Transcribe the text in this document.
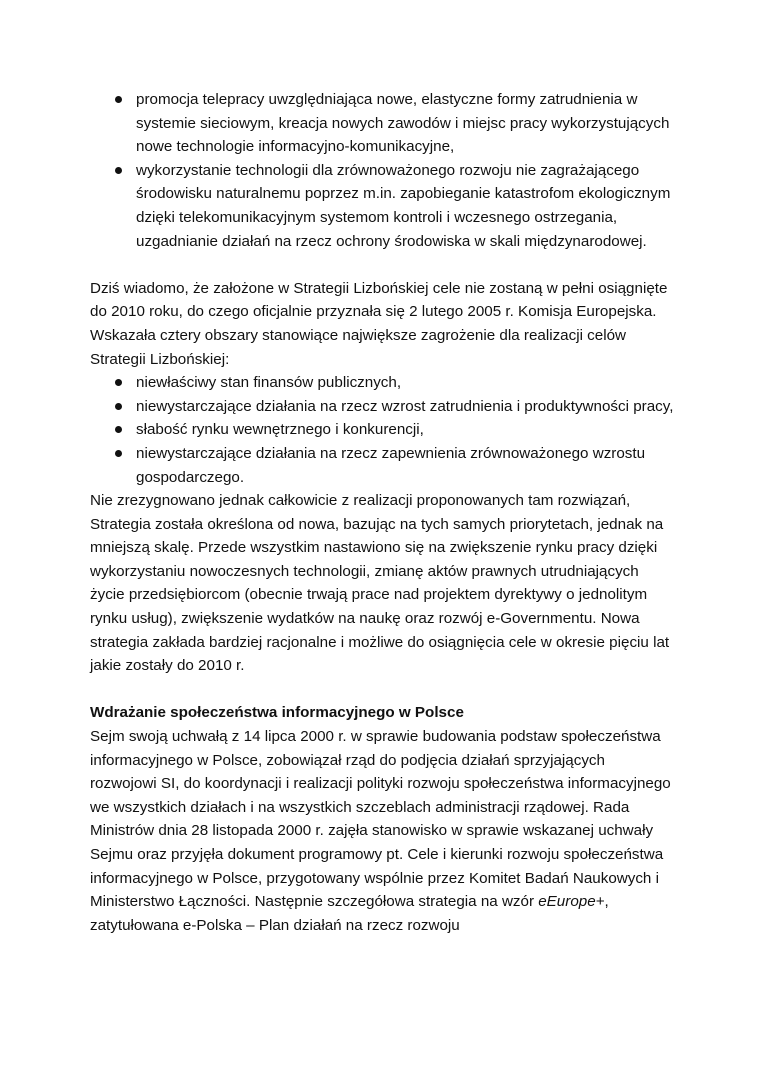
promocja telepracy uwzględniająca nowe, elastyczne formy zatrudnienia w systemie sieciowym, kreacja nowych zawodów i miejsc pracy wykorzystujących nowe technologie informacyjno-komunikacyjne,
wykorzystanie technologii dla zrównoważonego rozwoju nie zagrażającego środowisku naturalnemu poprzez m.in. zapobieganie katastrofom ekologicznym dzięki telekomunikacyjnym systemom kontroli i wczesnego ostrzegania, uzgadnianie działań na rzecz ochrony środowiska w skali międzynarodowej.

Dziś wiadomo, że założone w Strategii Lizbońskiej cele nie zostaną w pełni osiągnięte do 2010 roku, do czego oficjalnie przyznała się 2 lutego 2005 r. Komisja Europejska. Wskazała cztery obszary stanowiące największe zagrożenie dla realizacji celów Strategii Lizbońskiej:

niewłaściwy stan finansów publicznych,
niewystarczające działania na rzecz wzrost zatrudnienia i produktywności pracy,
słabość rynku wewnętrznego i konkurencji,
niewystarczające działania na rzecz zapewnienia zrównoważonego wzrostu gospodarczego.

Nie zrezygnowano jednak całkowicie z realizacji proponowanych tam rozwiązań, Strategia została określona od nowa, bazując na tych samych priorytetach, jednak na mniejszą skalę. Przede wszystkim nastawiono się na zwiększenie rynku pracy dzięki wykorzystaniu nowoczesnych technologii, zmianę aktów prawnych utrudniających życie przedsiębiorcom (obecnie trwają prace nad projektem dyrektywy o jednolitym rynku usług), zwiększenie wydatków na naukę oraz rozwój e-Governmentu. Nowa strategia zakłada bardziej racjonalne i możliwe do osiągnięcia cele w okresie pięciu lat jakie zostały do 2010 r.

Wdrażanie społeczeństwa informacyjnego w Polsce

Sejm swoją uchwałą z 14 lipca 2000 r. w sprawie budowania podstaw społeczeństwa informacyjnego w Polsce, zobowiązał rząd do podjęcia działań sprzyjających rozwojowi SI, do koordynacji i realizacji polityki rozwoju społeczeństwa informacyjnego we wszystkich działach i na wszystkich szczeblach administracji rządowej. Rada Ministrów dnia 28 listopada 2000 r. zajęła stanowisko w sprawie wskazanej uchwały Sejmu oraz przyjęła dokument programowy pt. Cele i kierunki rozwoju społeczeństwa informacyjnego w Polsce, przygotowany wspólnie przez Komitet Badań Naukowych i Ministerstwo Łączności. Następnie szczegółowa strategia na wzór eEurope+, zatytułowana e-Polska – Plan działań na rzecz rozwoju
